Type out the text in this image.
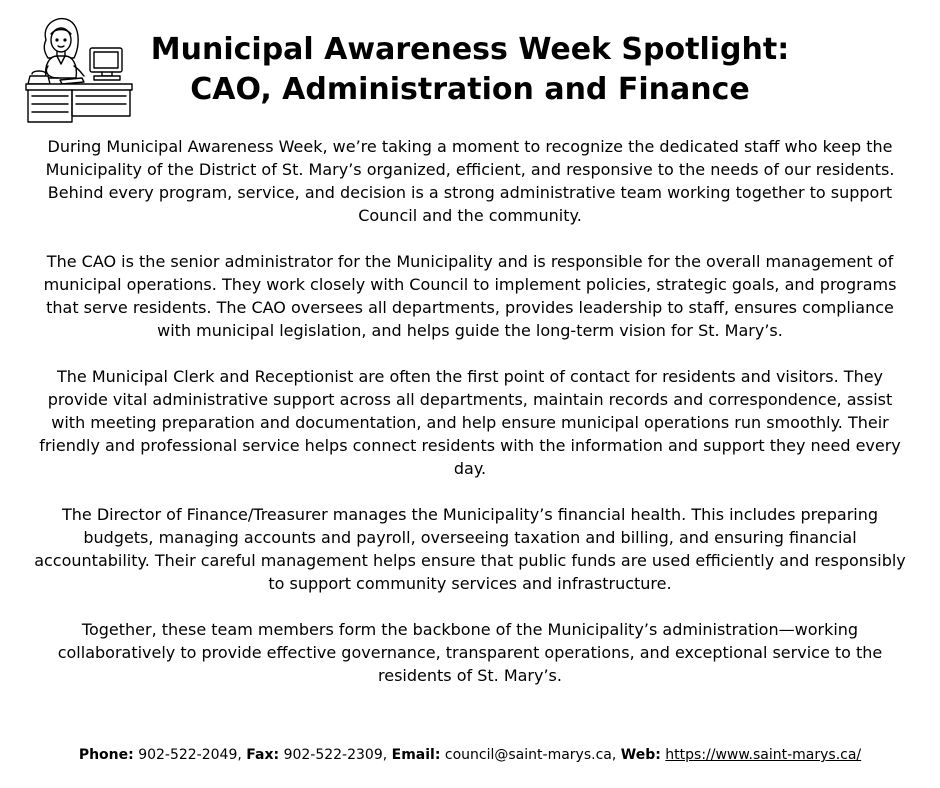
Municipal Awareness Week Spotlight:
CAO, Administration and Finance

During Municipal Awareness Week, we’re taking a moment to recognize the dedicated staff who keep the Municipality of the District of St. Mary’s organized, efficient, and responsive to the needs of our residents. Behind every program, service, and decision is a strong administrative team working together to support Council and the community.

The CAO is the senior administrator for the Municipality and is responsible for the overall management of municipal operations. They work closely with Council to implement policies, strategic goals, and programs that serve residents. The CAO oversees all departments, provides leadership to staff, ensures compliance with municipal legislation, and helps guide the long-term vision for St. Mary’s.

The Municipal Clerk and Receptionist are often the first point of contact for residents and visitors. They provide vital administrative support across all departments, maintain records and correspondence, assist with meeting preparation and documentation, and help ensure municipal operations run smoothly. Their friendly and professional service helps connect residents with the information and support they need every day.

The Director of Finance/Treasurer manages the Municipality’s financial health. This includes preparing budgets, managing accounts and payroll, overseeing taxation and billing, and ensuring financial accountability. Their careful management helps ensure that public funds are used efficiently and responsibly to support community services and infrastructure.

Together, these team members form the backbone of the Municipality’s administration—working collaboratively to provide effective governance, transparent operations, and exceptional service to the residents of St. Mary’s.

Phone: 902-522-2049, Fax: 902-522-2309, Email: council@saint-marys.ca, Web: https://www.saint-marys.ca/
